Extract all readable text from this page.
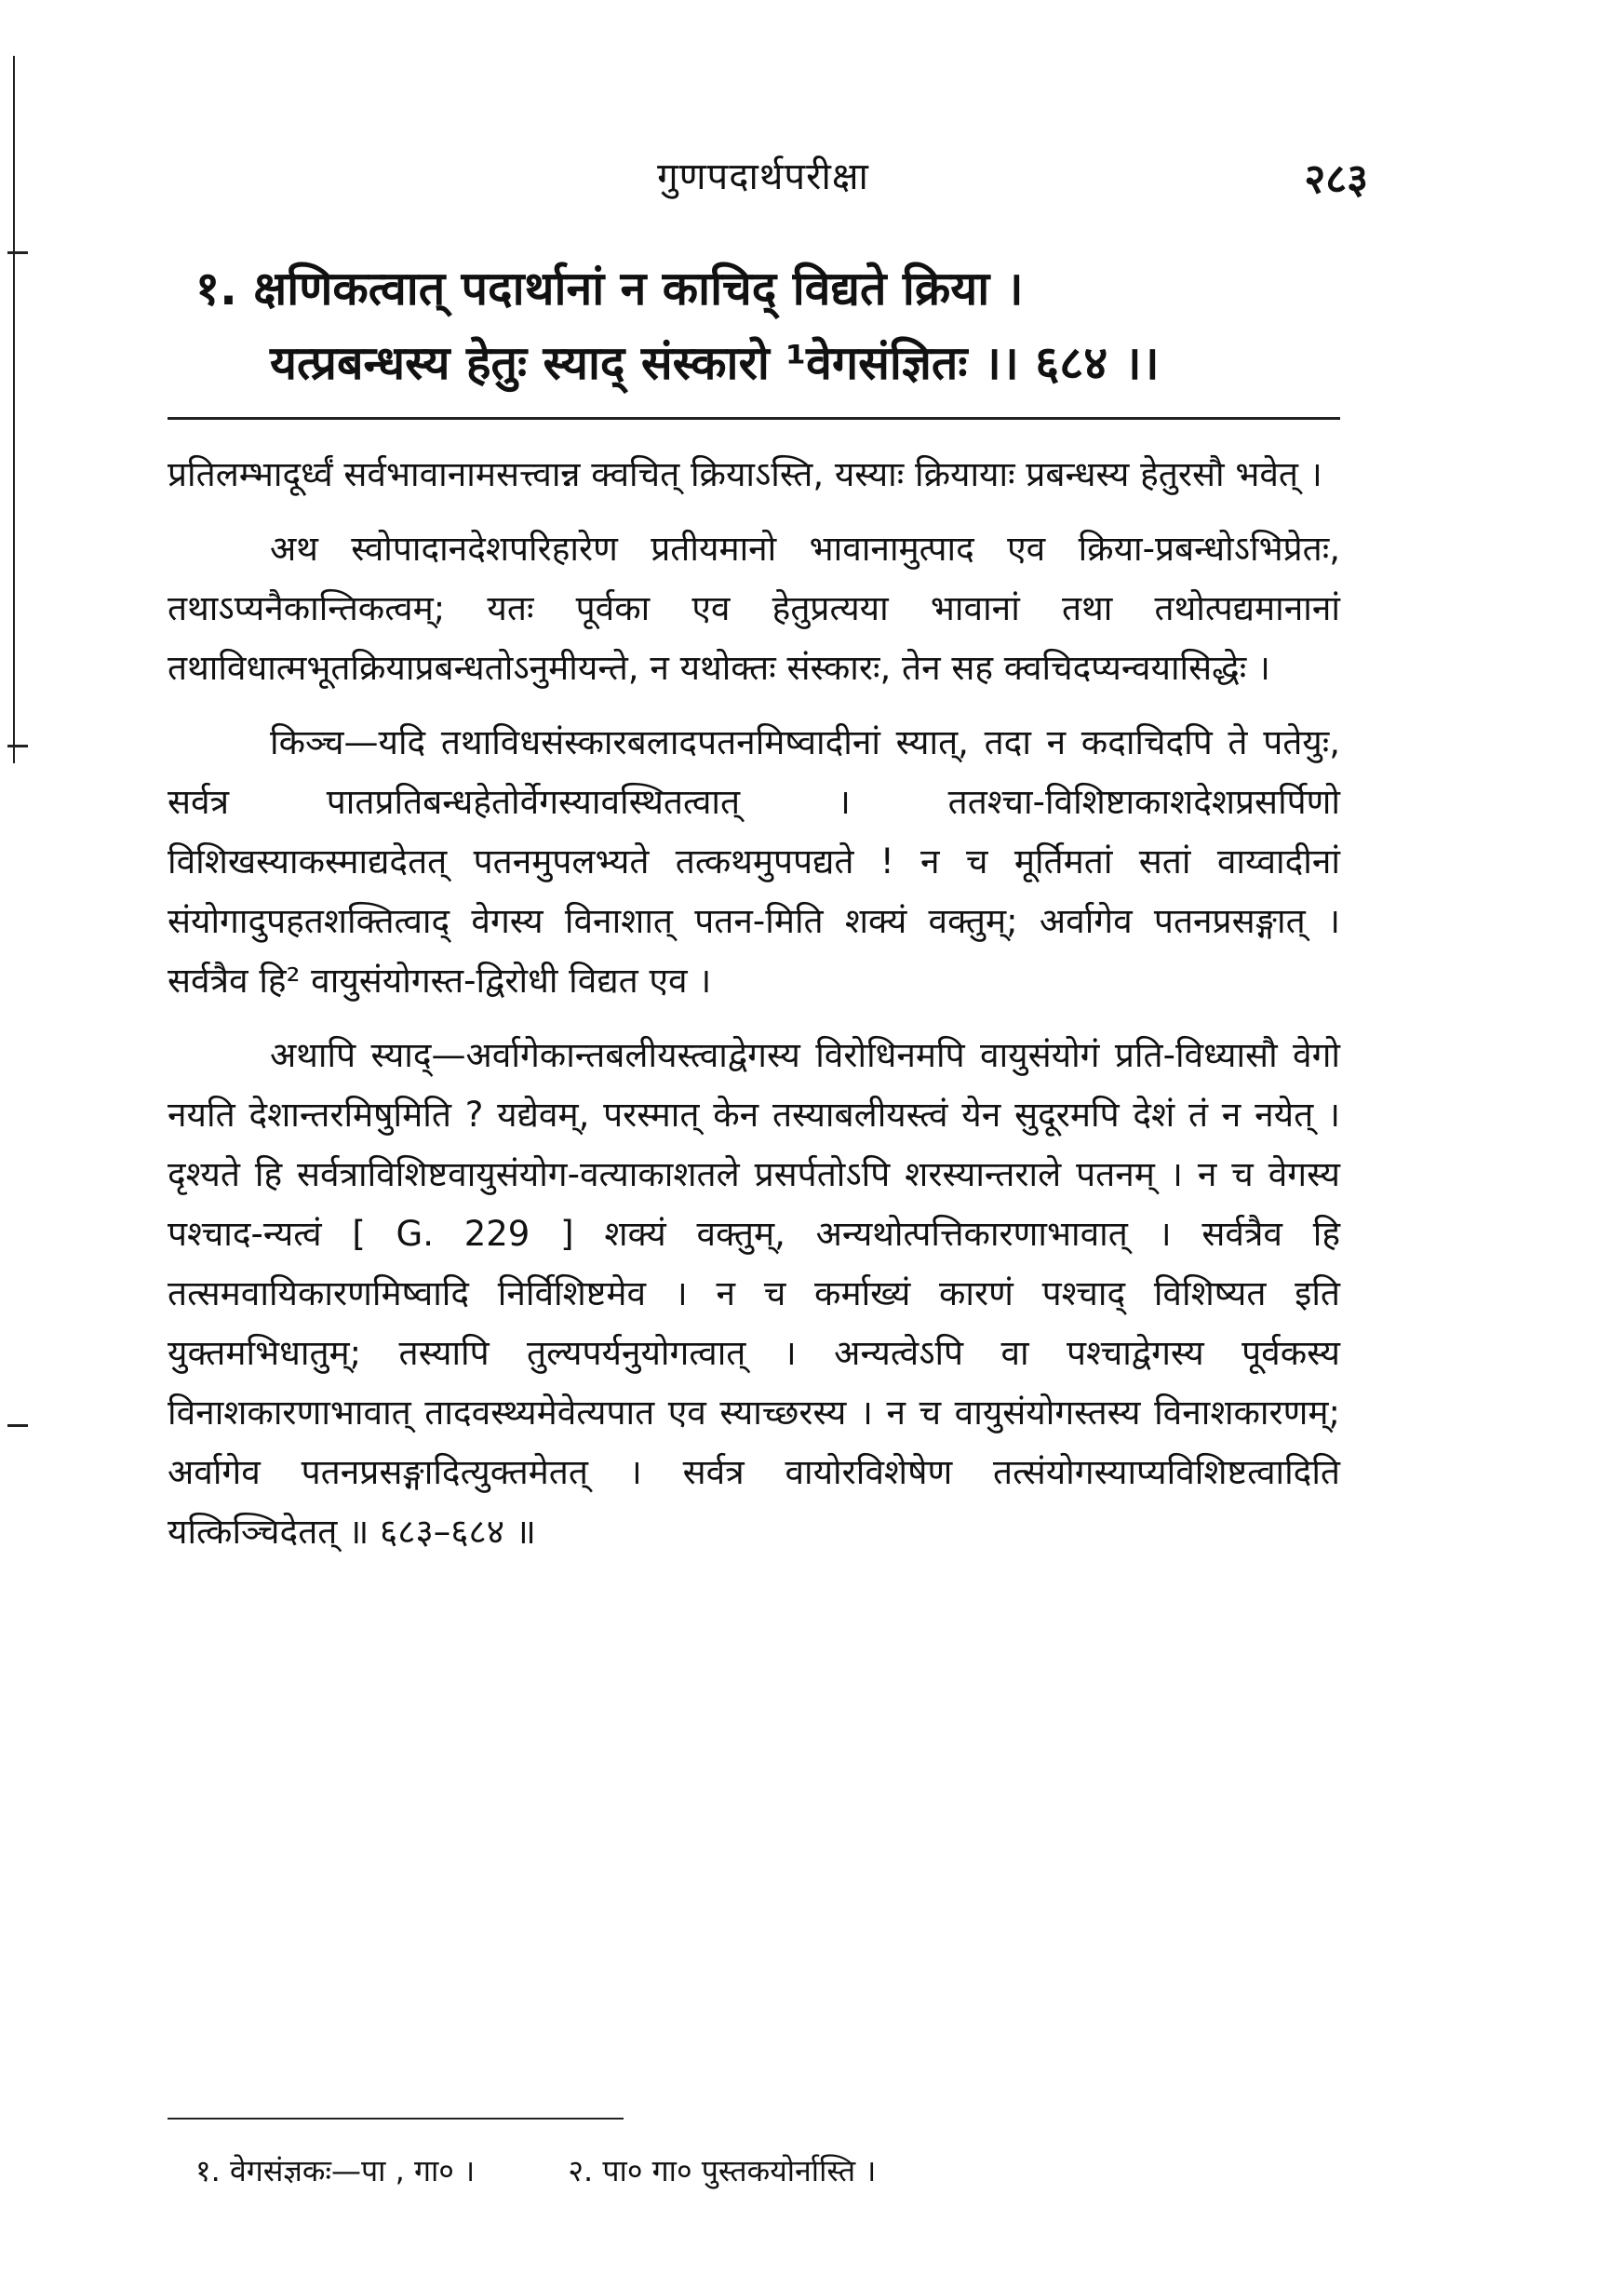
गुणपदार्थपरीक्षा	२८३
१. क्षणिकत्वात् पदार्थानां न काचिद् विद्यते क्रिया ।
यत्प्रबन्धस्य हेतुः स्याद् संस्कारो ¹वेगसंज्ञितः ।। ६८४ ।।

प्रतिलम्भादूर्ध्वं सर्वभावानामसत्त्वान्न क्वचित् क्रियाऽस्ति, यस्याः क्रियायाः प्रबन्धस्य हेतुरसौ भवेत् ।

अथ स्वोपादानदेशपरिहारेण प्रतीयमानो भावानामुत्पाद एव क्रिया-प्रबन्धोऽभिप्रेतः, तथाऽप्यनैकान्तिकत्वम्; यतः पूर्वका एव हेतुप्रत्यया भावानां तथा तथोत्पद्यमानानां तथाविधात्मभूतक्रियाप्रबन्धतोऽनुमीयन्ते, न यथोक्तः संस्कारः, तेन सह क्वचिदप्यन्वयासिद्धेः ।

किञ्च—यदि तथाविधसंस्कारबलादपतनमिष्वादीनां स्यात्, तदा न कदाचिदपि ते पतेयुः, सर्वत्र पातप्रतिबन्धहेतोर्वेगस्यावस्थितत्वात् । ततश्चा-विशिष्टाकाशदेशप्रसर्पिणो विशिखस्याकस्माद्यदेतत् पतनमुपलभ्यते तत्कथमुपपद्यते ! न च मूर्तिमतां सतां वाय्वादीनां संयोगादुपहतशक्तित्वाद् वेगस्य विनाशात् पतन-मिति शक्यं वक्तुम्; अर्वागेव पतनप्रसङ्गात् । सर्वत्रैव हि² वायुसंयोगस्त-द्विरोधी विद्यत एव ।

अथापि स्याद्—अर्वागेकान्तबलीयस्त्वाद्वेगस्य विरोधिनमपि वायुसंयोगं प्रति-विध्यासौ वेगो नयति देशान्तरमिषुमिति ? यद्येवम्, परस्मात् केन तस्याबलीयस्त्वं येन सुदूरमपि देशं तं न नयेत् । दृश्यते हि सर्वत्राविशिष्टवायुसंयोग-वत्याकाशतले प्रसर्पतोऽपि शरस्यान्तराले पतनम् । न च वेगस्य पश्चाद-न्यत्वं [ G. 229 ] शक्यं वक्तुम्, अन्यथोत्पत्तिकारणाभावात् । सर्वत्रैव हि तत्समवायिकारणमिष्वादि निर्विशिष्टमेव । न च कर्माख्यं कारणं पश्चाद् विशिष्यत इति युक्तमभिधातुम्; तस्यापि तुल्यपर्यनुयोगत्वात् । अन्यत्वेऽपि वा पश्चाद्वेगस्य पूर्वकस्य विनाशकारणाभावात् तादवस्थ्यमेवेत्यपात एव स्याच्छरस्य । न च वायुसंयोगस्तस्य विनाशकारणम्; अर्वागेव पतनप्रसङ्गादित्युक्तमेतत् । सर्वत्र वायोरविशेषेण तत्संयोगस्याप्यविशिष्टत्वादिति यत्किञ्चिदेतत् ॥ ६८३–६८४ ॥

१. वेगसंज्ञकः—पा , गा० ।	२. पा० गा० पुस्तकयोर्नास्ति ।
